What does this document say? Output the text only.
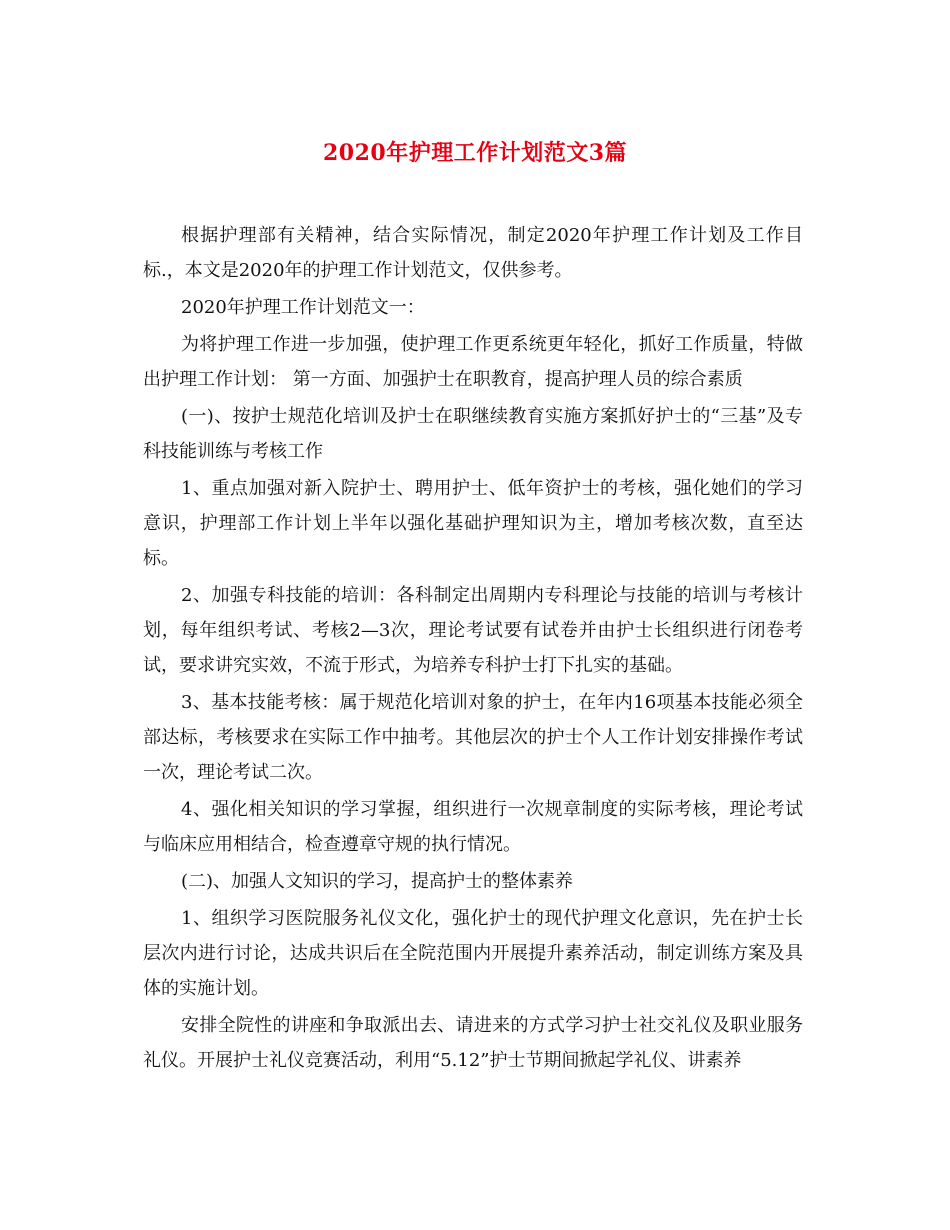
2020年护理工作计划范文3篇

根据护理部有关精神，结合实际情况，制定2020年护理工作计划及工作目标.，本文是2020年的护理工作计划范文，仅供参考。

2020年护理工作计划范文一：

为将护理工作进一步加强，使护理工作更系统更年轻化，抓好工作质量，特做出护理工作计划： 第一方面、加强护士在职教育，提高护理人员的综合素质

(一)、按护士规范化培训及护士在职继续教育实施方案抓好护士的“三基”及专科技能训练与考核工作

1、重点加强对新入院护士、聘用护士、低年资护士的考核，强化她们的学习意识，护理部工作计划上半年以强化基础护理知识为主，增加考核次数，直至达标。

2、加强专科技能的培训：各科制定出周期内专科理论与技能的培训与考核计划，每年组织考试、考核2—3次，理论考试要有试卷并由护士长组织进行闭卷考试，要求讲究实效，不流于形式，为培养专科护士打下扎实的基础。

3、基本技能考核：属于规范化培训对象的护士，在年内16项基本技能必须全部达标，考核要求在实际工作中抽考。其他层次的护士个人工作计划安排操作考试一次，理论考试二次。

4、强化相关知识的学习掌握，组织进行一次规章制度的实际考核，理论考试与临床应用相结合，检查遵章守规的执行情况。

(二)、加强人文知识的学习，提高护士的整体素养

1、组织学习医院服务礼仪文化，强化护士的现代护理文化意识，先在护士长层次内进行讨论，达成共识后在全院范围内开展提升素养活动，制定训练方案及具体的实施计划。

安排全院性的讲座和争取派出去、请进来的方式学习护士社交礼仪及职业服务礼仪。开展护士礼仪竞赛活动，利用“5.12”护士节期间掀起学礼仪、讲素养
